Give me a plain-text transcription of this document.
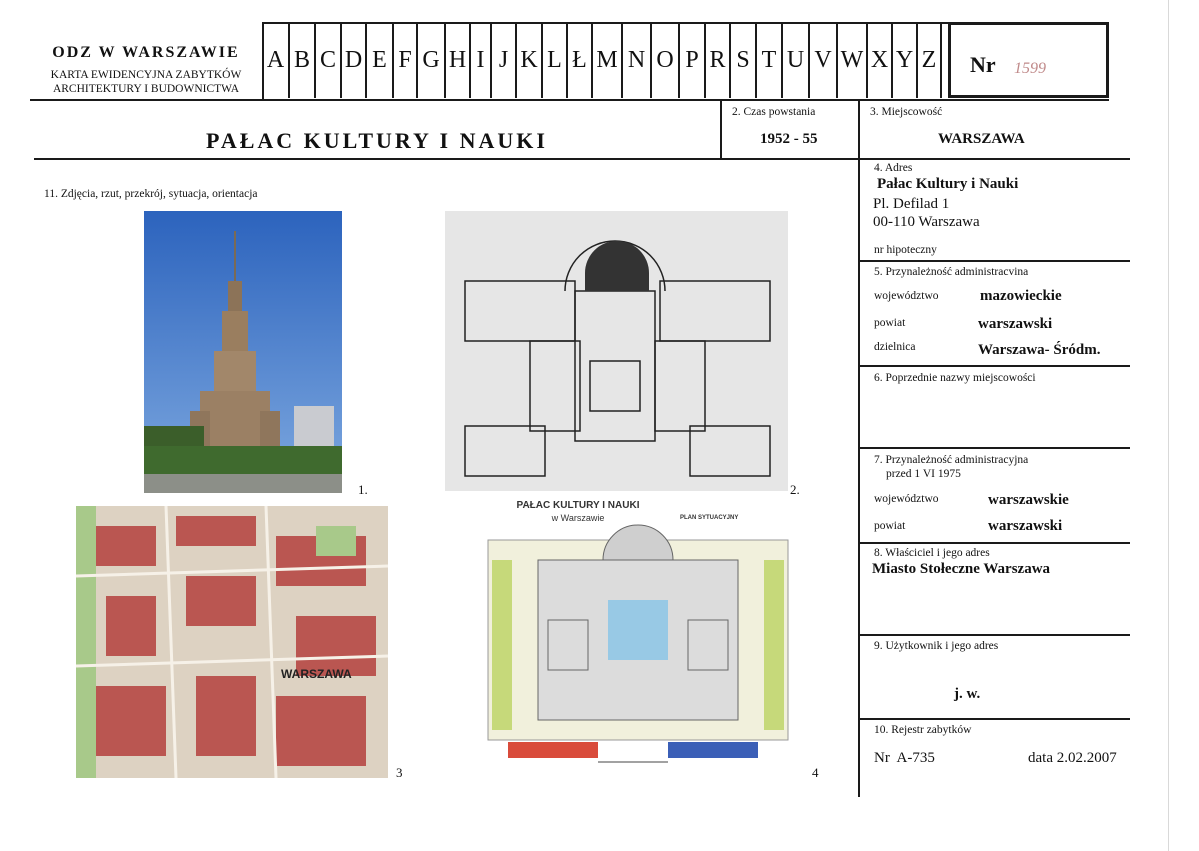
ODZ W WARSZAWIE
KARTA EWIDENCYJNA ZABYTKÓW
ARCHITEKTURY I BUDOWNICTWA
A B C D E F G H I J K L Ł M N O P R S T U V W X Y Z Nr 1599
PAŁAC KULTURY I NAUKI
2. Czas powstania
1952 - 55
3. Miejscowość
WARSZAWA
4. Adres
Pałac Kultury i Nauki
Pl. Defilad 1
00-110 Warszawa
nr hipoteczny
5. Przynależność administracvina
województwo	mazowieckie
powiat	warszawski
dzielnica	Warszawa- Śródm.
6. Poprzednie nazwy miejscowości
7. Przynależność administracyjna
przed 1 VI 1975
województwo	warszawskie
powiat	warszawski
8. Właściciel i jego adres
Miasto Stołeczne Warszawa
9. Użytkownik i jego adres
j. w.
10. Rejestr zabytków
Nr  A-735	data 2.02.2007
11. Zdjęcia, rzut, przekrój, sytuacja, orientacja
1.	2.
WARSZAWA
3
PAŁAC KULTURY I NAUKI
w Warszawie	PLAN SYTUACYJNY
4
